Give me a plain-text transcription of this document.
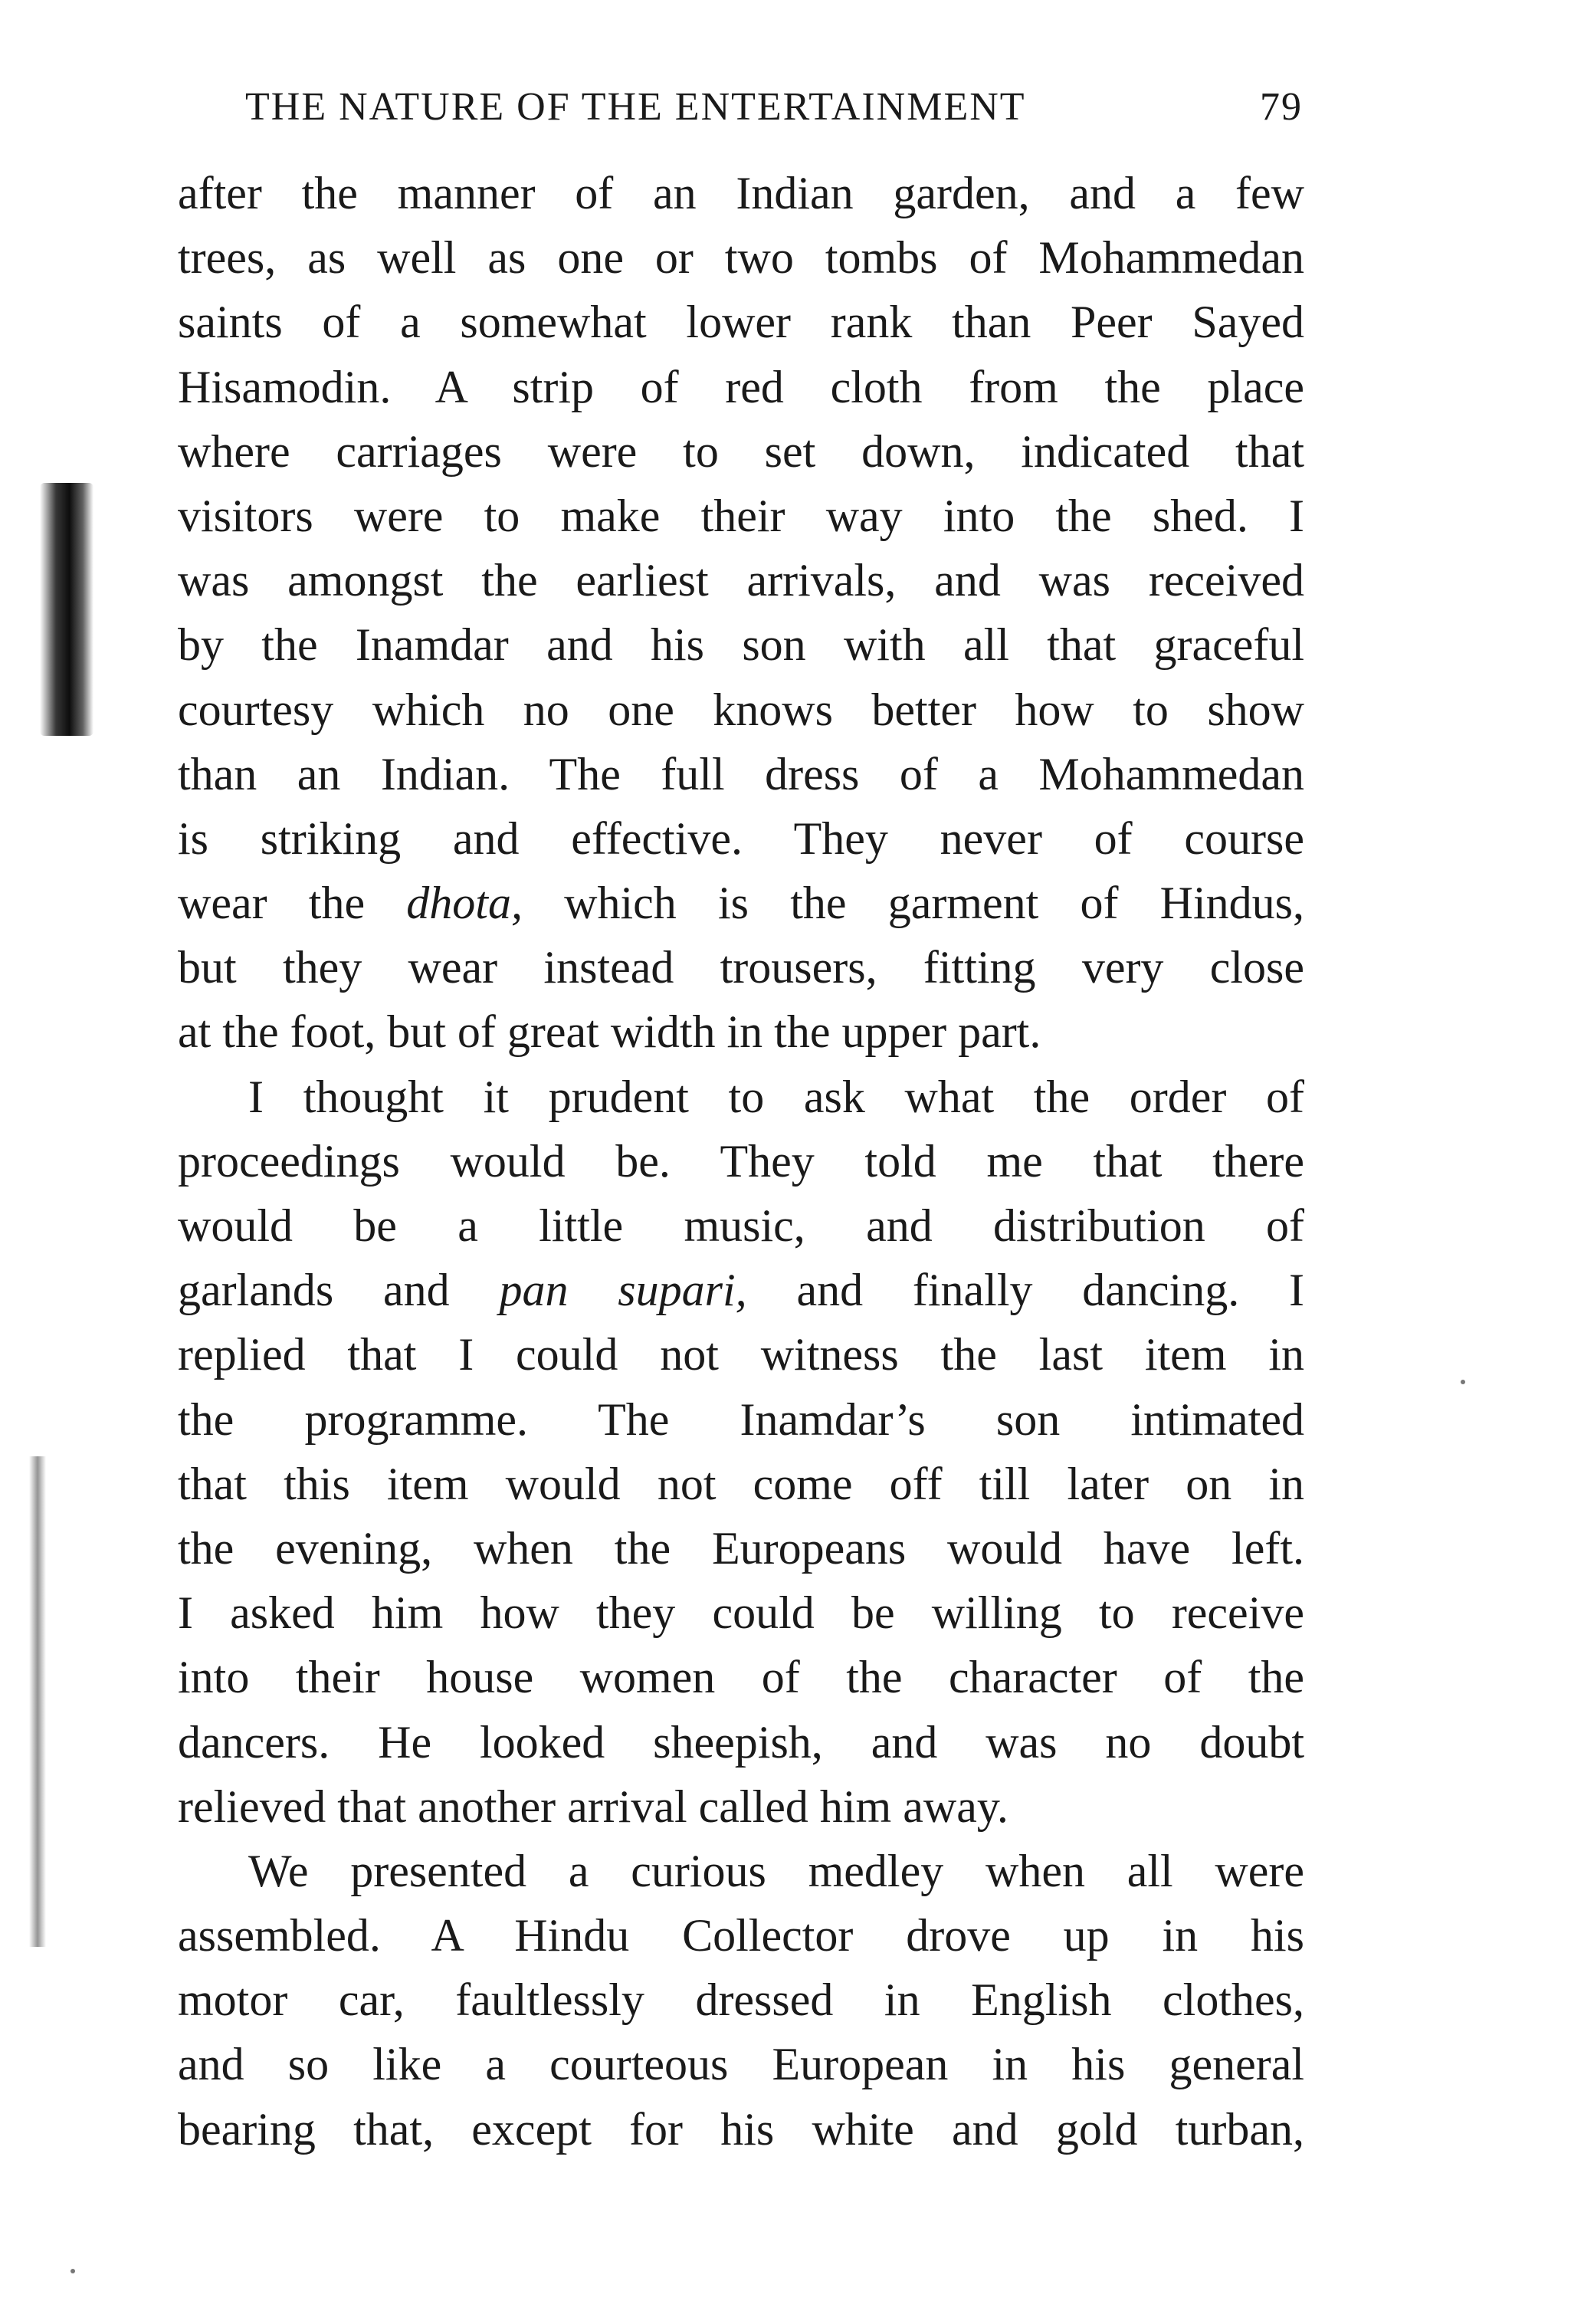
THE NATURE OF THE ENTERTAINMENT	79
after the manner of an Indian garden, and a few
trees, as well as one or two tombs of Mohammedan
saints of a somewhat lower rank than Peer Sayed
Hisamodin. A strip of red cloth from the place
where carriages were to set down, indicated that
visitors were to make their way into the shed. I
was amongst the earliest arrivals, and was received
by the Inamdar and his son with all that graceful
courtesy which no one knows better how to show
than an Indian. The full dress of a Mohammedan
is striking and effective. They never of course
wear the dhota, which is the garment of Hindus,
but they wear instead trousers, fitting very close
at the foot, but of great width in the upper part.
I thought it prudent to ask what the order of
proceedings would be. They told me that there
would be a little music, and distribution of
garlands and pan supari, and finally dancing. I
replied that I could not witness the last item in
the programme. The Inamdar’s son intimated
that this item would not come off till later on in
the evening, when the Europeans would have left.
I asked him how they could be willing to receive
into their house women of the character of the
dancers. He looked sheepish, and was no doubt
relieved that another arrival called him away.
We presented a curious medley when all were
assembled. A Hindu Collector drove up in his
motor car, faultlessly dressed in English clothes,
and so like a courteous European in his general
bearing that, except for his white and gold turban,
